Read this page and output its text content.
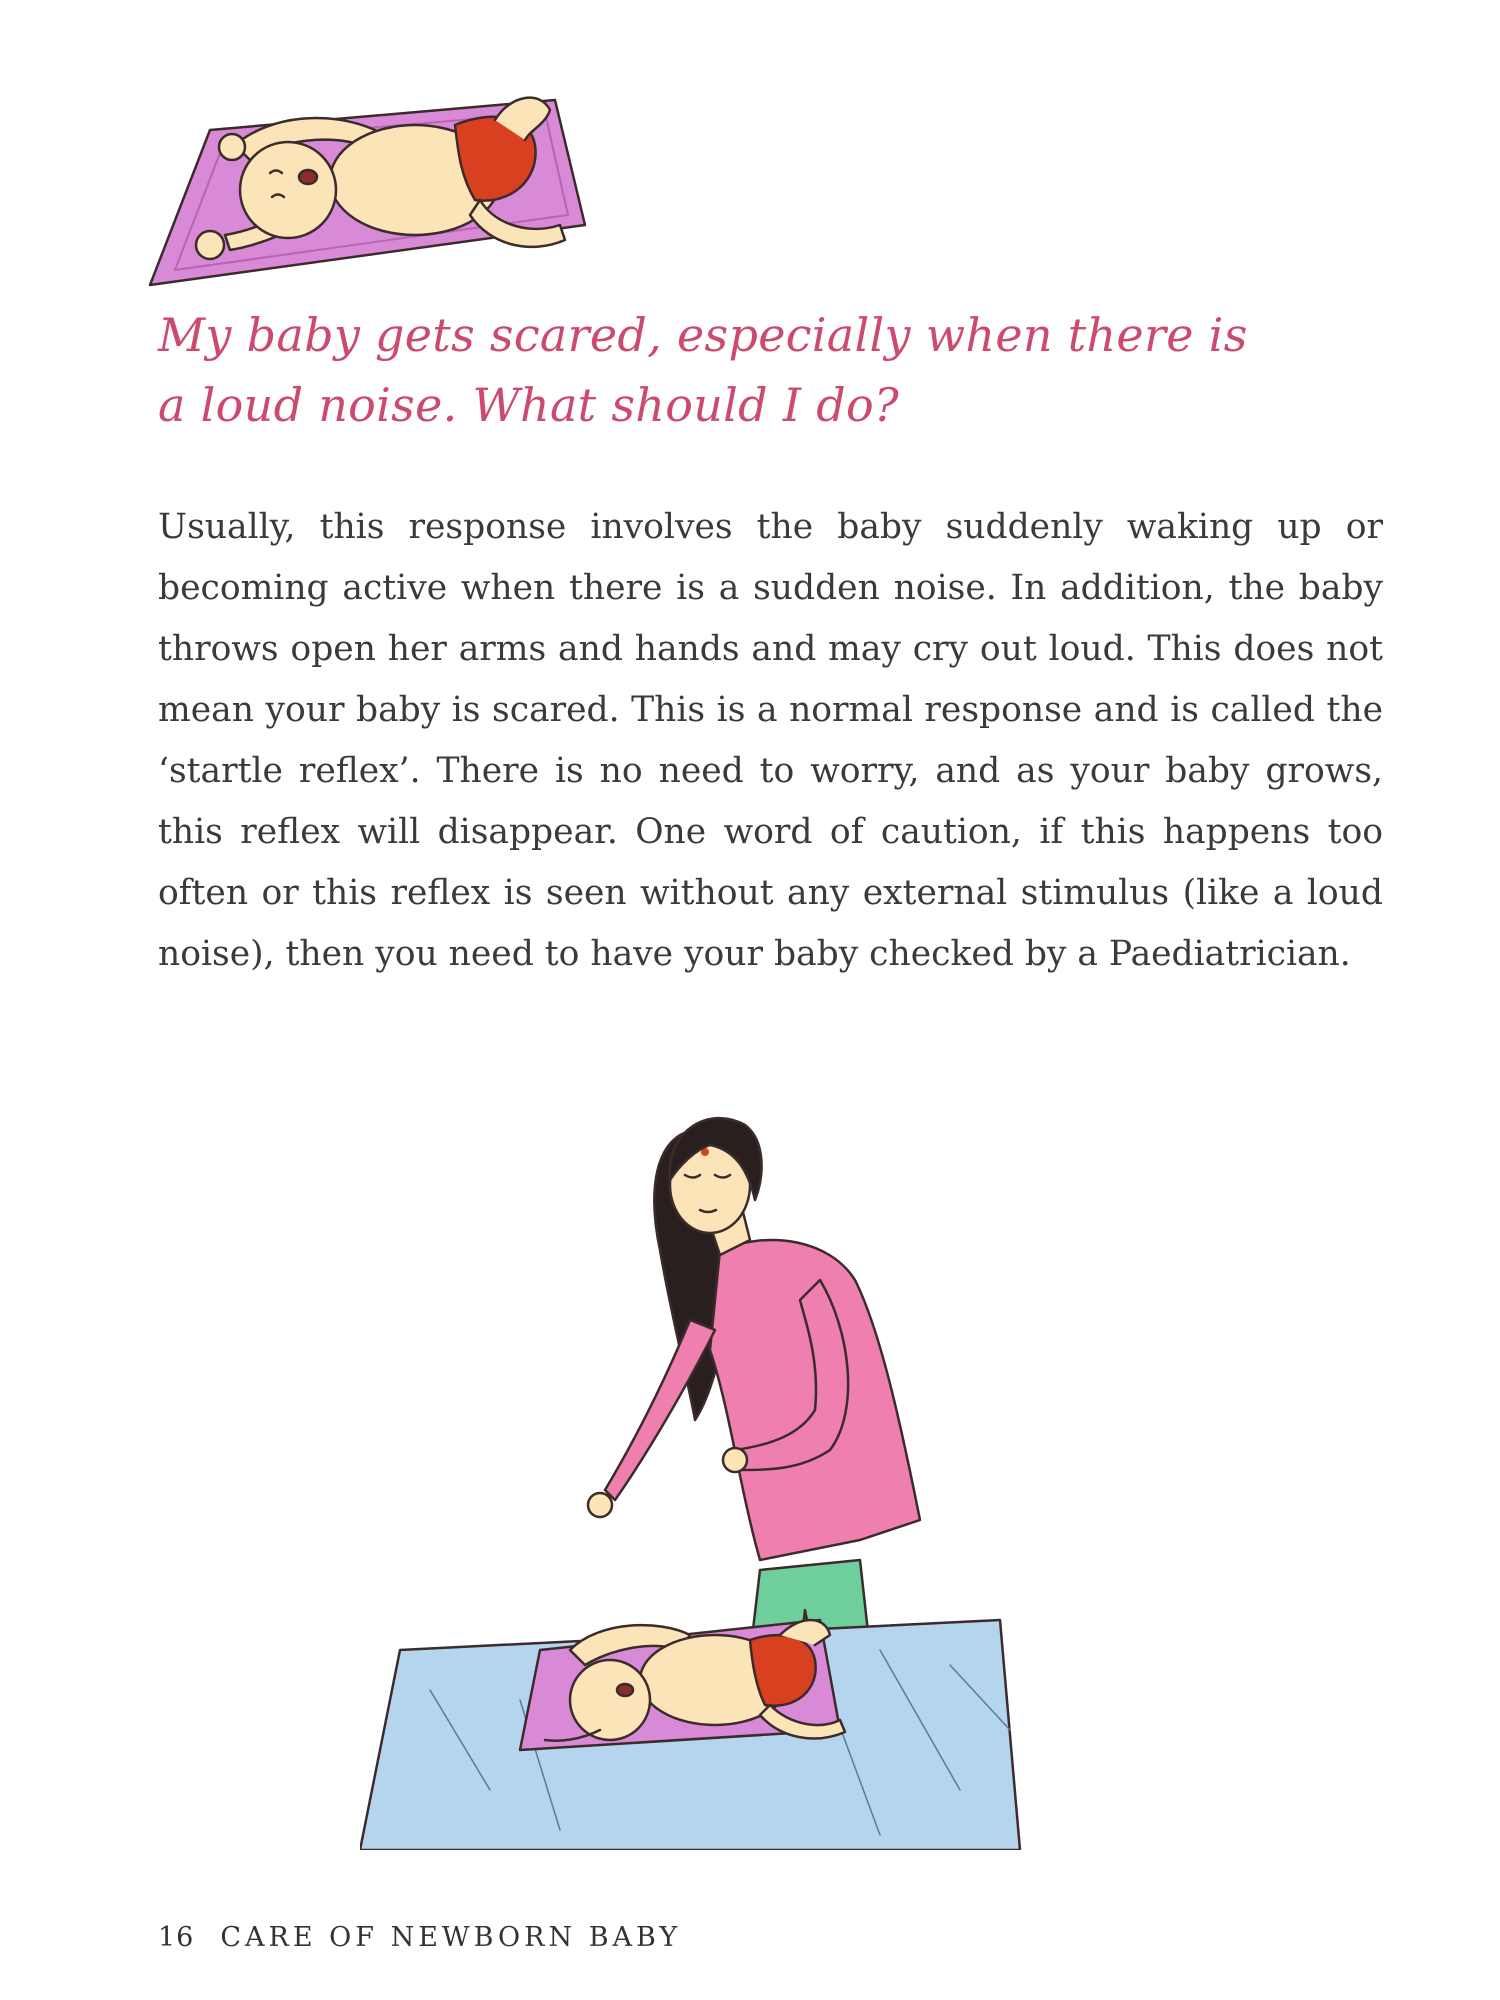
My baby gets scared, especially when there is
a loud noise. What should I do?

Usually, this response involves the baby suddenly waking up or becoming active when there is a sudden noise. In addition, the baby throws open her arms and hands and may cry out loud. This does not mean your baby is scared. This is a normal response and is called the ‘startle reflex’. There is no need to worry, and as your baby grows, this reflex will disappear. One word of caution, if this happens too often or this reflex is seen without any external stimulus (like a loud noise), then you need to have your baby checked by a Paediatrician.

16 CARE OF NEWBORN BABY
